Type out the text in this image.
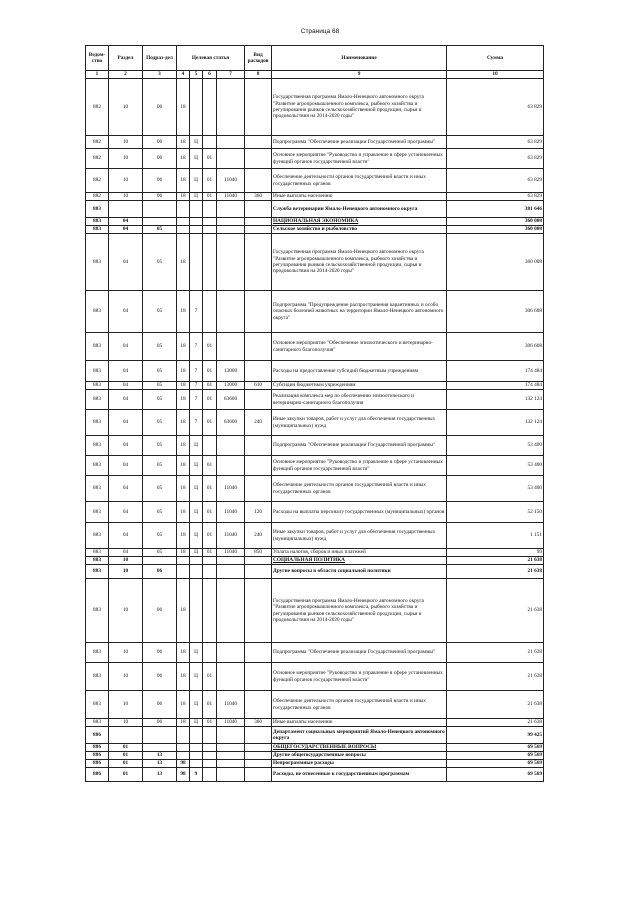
Страница 68
Ведом-ство	Раздел	Подраз-дел	Целевая статья				Вид расходов	Наименование	Сумма
1	2	3	4	5	6	7	8	9	10
882	10	06	18					Государственная программа Ямало-Ненецкого автономного округа "Развитие агропромышленного комплекса, рыбного хозяйства и регулирования рынков сельскохозяйственной продукции, сырья и продовольствия на 2014-2020 годы"	63 829
882	10	06	18	Ц				Подпрограмма "Обеспечение реализации Государственной программы"	63 829
882	10	06	18	Ц	01			Основное мероприятие "Руководство и управление в сфере установленных функций органов государственной власти"	63 829
882	10	06	18	Ц	01	11040		Обеспечение деятельности органов государственной власти и иных государственных органов	63 829
882	10	06	18	Ц	01	11040	360	Иные выплаты населению	63 829
883								Служба ветеринарии Ямало-Ненецкого автономного округа	381 646
883	04							НАЦИОНАЛЬНАЯ ЭКОНОМИКА	360 008
883	04	05						Сельское хозяйство и рыболовство	360 008
883	04	05	18					Государственная программа Ямало-Ненецкого автономного округа "Развитие агропромышленного комплекса, рыбного хозяйства и регулирования рынков сельскохозяйственной продукции, сырья и продовольствия на 2014-2020 годы"	360 008
883	04	05	18	7				Подпрограмма "Предупреждение распространения карантинных и особо опасных болезней животных на территории Ямало-Ненецкого автономного округа"	306 608
883	04	05	18	7	01			Основное мероприятие "Обеспечение эпизоотического и ветеринарно-санитарного благополучия"	306 608
883	04	05	18	7	01	13000		Расходы на предоставление субсидий бюджетным учреждениям	174 484
883	04	05	18	7	01	13000	610	Субсидии бюджетным учреждениям	174 484
883	04	05	18	7	01	63600		Реализация комплекса мер по обеспечению эпизоотического и ветеринарно-санитарного благополучия	132 124
883	04	05	18	7	01	63600	240	Иные закупки товаров, работ и услуг для обеспечения государственных (муниципальных) нужд	132 124
883	04	05	18	Ц				Подпрограмма "Обеспечение реализации Государственной программы"	53 400
883	04	05	18	Ц	01			Основное мероприятие "Руководство и управление в сфере установленных функций органов государственной власти"	53 400
883	04	05	18	Ц	01	11040		Обеспечение деятельности органов государственной власти и иных государственных органов	53 400
883	04	05	18	Ц	01	11040	120	Расходы на выплаты персоналу государственных (муниципальных) органов	52 150
883	04	05	18	Ц	01	11040	240	Иные закупки товаров, работ и услуг для обеспечения государственных (муниципальных) нужд	1 151
883	04	05	18	Ц	01	11040	850	Уплата налогов, сборов и иных платежей	99
883	10							СОЦИАЛЬНАЯ ПОЛИТИКА	21 638
883	10	06						Другие вопросы в области социальной политики	21 638
883	10	06	18					Государственная программа Ямало-Ненецкого автономного округа "Развитие агропромышленного комплекса, рыбного хозяйства и регулирования рынков сельскохозяйственной продукции, сырья и продовольствия на 2014-2020 годы"	21 638
883	10	06	18	Ц				Подпрограмма "Обеспечение реализации Государственной программы"	21 638
883	10	06	18	Ц	01			Основное мероприятие "Руководство и управление в сфере установленных функций органов государственной власти"	21 638
883	10	06	18	Ц	01	11040		Обеспечение деятельности органов государственной власти и иных государственных органов	21 638
883	10	06	18	Ц	01	11040	360	Иные выплаты населению	21 638
886								Департамент социальных мероприятий Ямало-Ненецкого автономного округа	99 425
886	01							ОБЩЕГОСУДАРСТВЕННЫЕ ВОПРОСЫ	69 569
886	01	13						Другие общегосударственные вопросы	69 569
886	01	13	98					Непрограммные расходы	69 569
886	01	13	98	9				Расходы, не отнесенные к государственным программам	69 569
